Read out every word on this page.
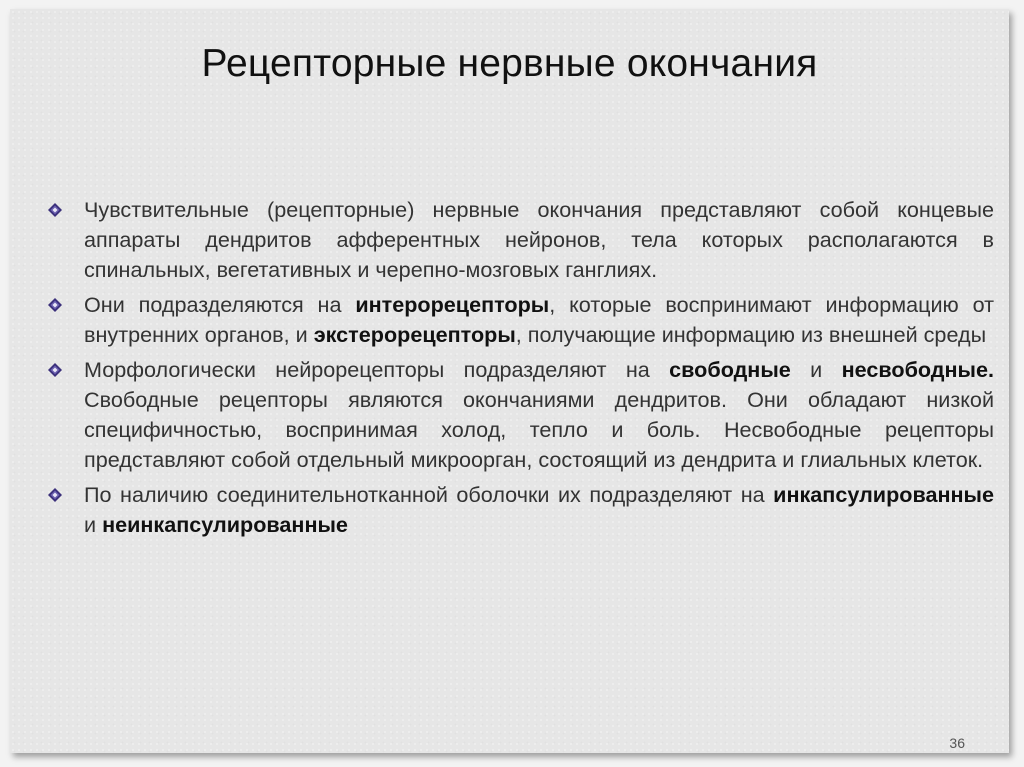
Рецепторные нервные окончания
Чувствительные (рецепторные) нервные окончания представляют собой концевые аппараты дендритов афферентных нейронов, тела которых располагаются в спинальных, вегетативных и черепно-мозговых ганглиях.
Они подразделяются на интерорецепторы, которые воспринимают информацию от внутренних органов, и экстерорецепторы, получающие информацию из внешней среды
Морфологически нейрорецепторы подразделяют на свободные и несвободные. Свободные рецепторы являются окончаниями дендритов. Они обладают низкой специфичностью, воспринимая холод, тепло и боль. Несвободные рецепторы представляют собой отдельный микроорган, состоящий из дендрита и глиальных клеток.
По наличию соединительнотканной оболочки их подразделяют на инкапсулированные и неинкапсулированные
36
